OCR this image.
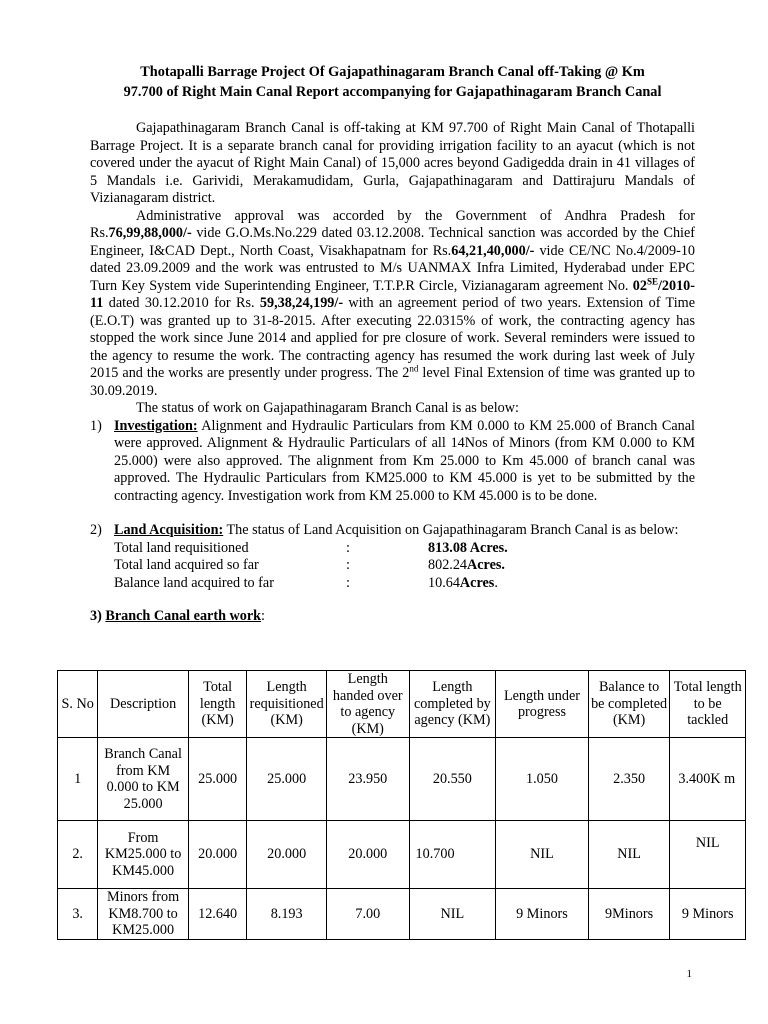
Thotapalli Barrage Project Of Gajapathinagaram Branch Canal off-Taking @ Km
97.700 of Right Main Canal Report accompanying for Gajapathinagaram Branch Canal

Gajapathinagaram Branch Canal is off-taking at KM 97.700 of Right Main Canal of Thotapalli Barrage Project. It is a separate branch canal for providing irrigation facility to an ayacut (which is not covered under the ayacut of Right Main Canal) of 15,000 acres beyond Gadigedda drain in 41 villages of 5 Mandals i.e. Garividi, Merakamudidam, Gurla, Gajapathinagaram and Dattirajuru Mandals of Vizianagaram district.

Administrative approval was accorded by the Government of Andhra Pradesh for Rs.76,99,88,000/- vide G.O.Ms.No.229 dated 03.12.2008. Technical sanction was accorded by the Chief Engineer, I&CAD Dept., North Coast, Visakhapatnam for Rs.64,21,40,000/- vide CE/NC No.4/2009-10 dated 23.09.2009 and the work was entrusted to M/s UANMAX Infra Limited, Hyderabad under EPC Turn Key System vide Superintending Engineer, T.T.P.R Circle, Vizianagaram agreement No. $02^{SE}/2010-11$ dated 30.12.2010 for Rs. 59,38,24,199/- with an agreement period of two years. Extension of Time (E.O.T) was granted up to 31-8-2015. After executing 22.0315% of work, the contracting agency has stopped the work since June 2014 and applied for pre closure of work. Several reminders were issued to the agency to resume the work. The contracting agency has resumed the work during last week of July 2015 and the works are presently under progress. The 2nd level Final Extension of time was granted up to 30.09.2019.

The status of work on Gajapathinagaram Branch Canal is as below:

1) Investigation: Alignment and Hydraulic Particulars from KM 0.000 to KM 25.000 of Branch Canal were approved. Alignment & Hydraulic Particulars of all 14Nos of Minors (from KM 0.000 to KM 25.000) were also approved. The alignment from Km 25.000 to Km 45.000 of branch canal was approved. The Hydraulic Particulars from KM25.000 to KM 45.000 is yet to be submitted by the contracting agency. Investigation work from KM 25.000 to KM 45.000 is to be done.
2) Land Acquisition: The status of Land Acquisition on Gajapathinagaram Branch Canal is as below:
Total land requisitioned	:	813.08 Acres.
Total land acquired so far	:	802.24 Acres.
Balance land acquired to far	:	10.64 Acres .
3) Branch Canal earth work:
S. No	Description	Total length (KM)	Length requisitioned (KM)	Length handed over to agency (KM)	Length completed by agency (KM)	Length under progress	Balance to be completed (KM)	Total length to be tackled
1	Branch Canal from KM 0.000 to KM 25.000	25.000	25.000	23.950	20.550	1.050	2.350	3.400K m
2.	From KM25.000 to KM45.000	20.000	20.000	20.000	10.700	NIL	NIL	NIL
3.	Minors from KM8.700 to KM25.000	12.640	8.193	7.00	NIL	9 Minors	9Minors	9 Minors
1
